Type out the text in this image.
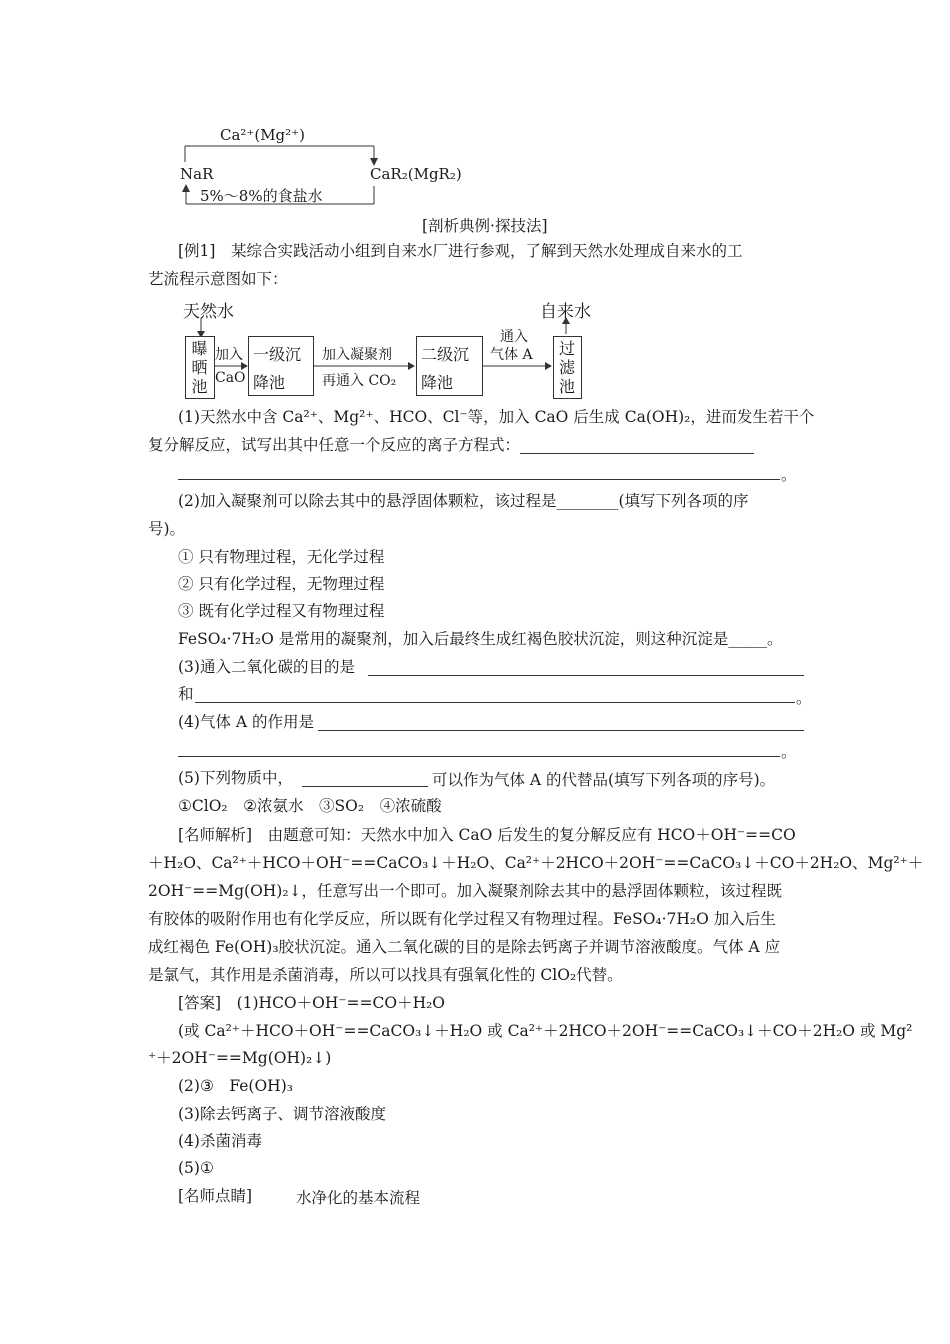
Ca²⁺(Mg²⁺)
NaR	CaR₂(MgR₂)
5%～8%的食盐水
[剖析典例·探技法]
[例1]　某综合实践活动小组到自来水厂进行参观，了解到天然水处理成自来水的工
艺流程示意图如下：
天然水	自来水
曝晒池
一级沉
降池
二级沉
降池
过滤池
加入
CaO
加入凝聚剂
再通入 CO₂
通入
气体 A
(1)天然水中含 Ca²⁺、Mg²⁺、HCO、Cl⁻等，加入 CaO 后生成 Ca(OH)₂，进而发生若干个
复分解反应，试写出其中任意一个反应的离子方程式：
。
(2)加入凝聚剂可以除去其中的悬浮固体颗粒，该过程是________(填写下列各项的序
号)。
① 只有物理过程，无化学过程
② 只有化学过程，无物理过程
③ 既有化学过程又有物理过程
FeSO₄·7H₂O 是常用的凝聚剂，加入后最终生成红褐色胶状沉淀，则这种沉淀是_____。
(3)通入二氧化碳的目的是
和	。
(4)气体 A 的作用是
。
(5)下列物质中，	可以作为气体 A 的代替品(填写下列各项的序号)。
①ClO₂　②浓氨水　③SO₂　④浓硫酸
[名师解析]　由题意可知：天然水中加入 CaO 后发生的复分解反应有 HCO＋OH⁻==CO
＋H₂O、Ca²⁺＋HCO＋OH⁻==CaCO₃↓＋H₂O、Ca²⁺＋2HCO＋2OH⁻==CaCO₃↓＋CO＋2H₂O、Mg²⁺＋
2OH⁻==Mg(OH)₂↓，任意写出一个即可。加入凝聚剂除去其中的悬浮固体颗粒，该过程既
有胶体的吸附作用也有化学反应，所以既有化学过程又有物理过程。FeSO₄·7H₂O 加入后生
成红褐色 Fe(OH)₃胶状沉淀。通入二氧化碳的目的是除去钙离子并调节溶液酸度。气体 A 应
是氯气，其作用是杀菌消毒，所以可以找具有强氧化性的 ClO₂代替。
[答案]　(1)HCO＋OH⁻==CO＋H₂O
(或 Ca²⁺＋HCO＋OH⁻==CaCO₃↓＋H₂O 或 Ca²⁺＋2HCO＋2OH⁻==CaCO₃↓＋CO＋2H₂O 或 Mg²
⁺＋2OH⁻==Mg(OH)₂↓)
(2)③　Fe(OH)₃
(3)除去钙离子、调节溶液酸度
(4)杀菌消毒
(5)①
[名师点睛]	水净化的基本流程
